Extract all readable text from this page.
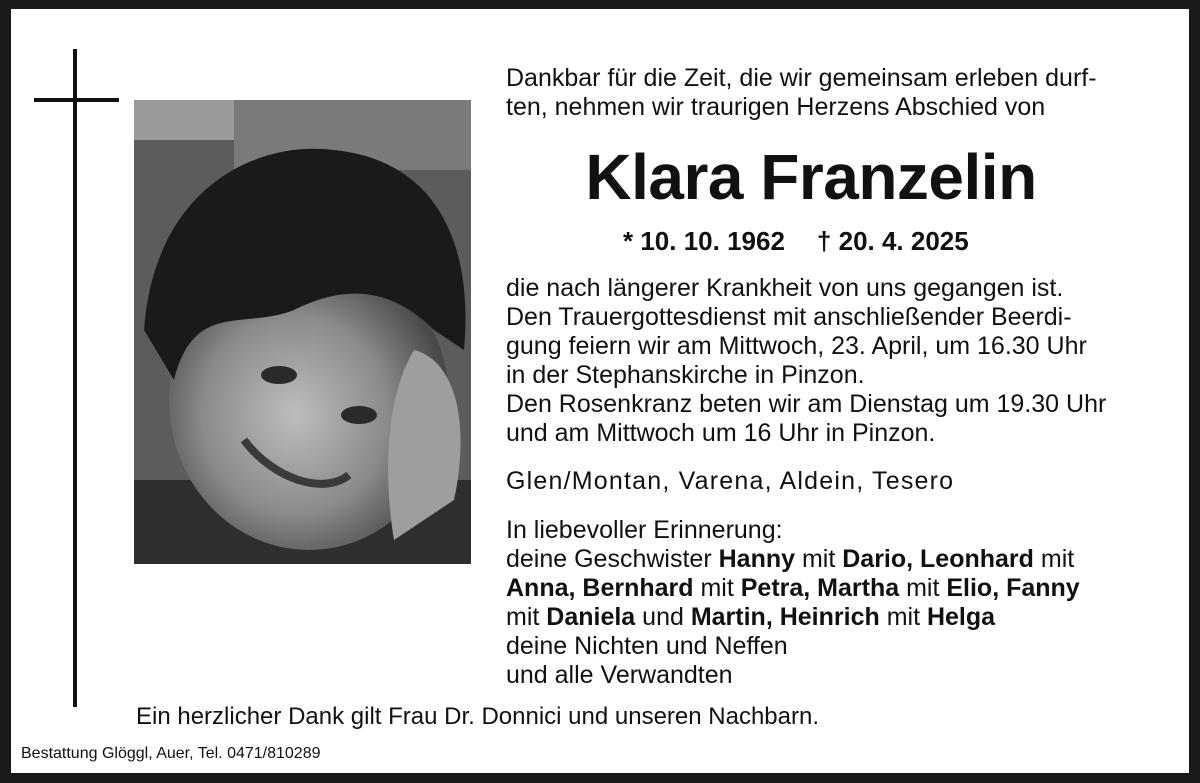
Dankbar für die Zeit, die wir gemeinsam erleben durf-
ten, nehmen wir traurigen Herzens Abschied von
Klara Franzelin
* 10. 10. 1962 † 20. 4. 2025
die nach längerer Krankheit von uns gegangen ist.
Den Trauergottesdienst mit anschließender Beerdi-
gung feiern wir am Mittwoch, 23. April, um 16.30 Uhr
in der Stephanskirche in Pinzon.
Den Rosenkranz beten wir am Dienstag um 19.30 Uhr
und am Mittwoch um 16 Uhr in Pinzon.
Glen/Montan, Varena, Aldein, Tesero
In liebevoller Erinnerung:
deine Geschwister Hanny mit Dario, Leonhard mit
Anna, Bernhard mit Petra, Martha mit Elio, Fanny
mit Daniela und Martin, Heinrich mit Helga
deine Nichten und Neffen
und alle Verwandten
Ein herzlicher Dank gilt Frau Dr. Donnici und unseren Nachbarn.
Bestattung Glöggl, Auer, Tel. 0471/810289
